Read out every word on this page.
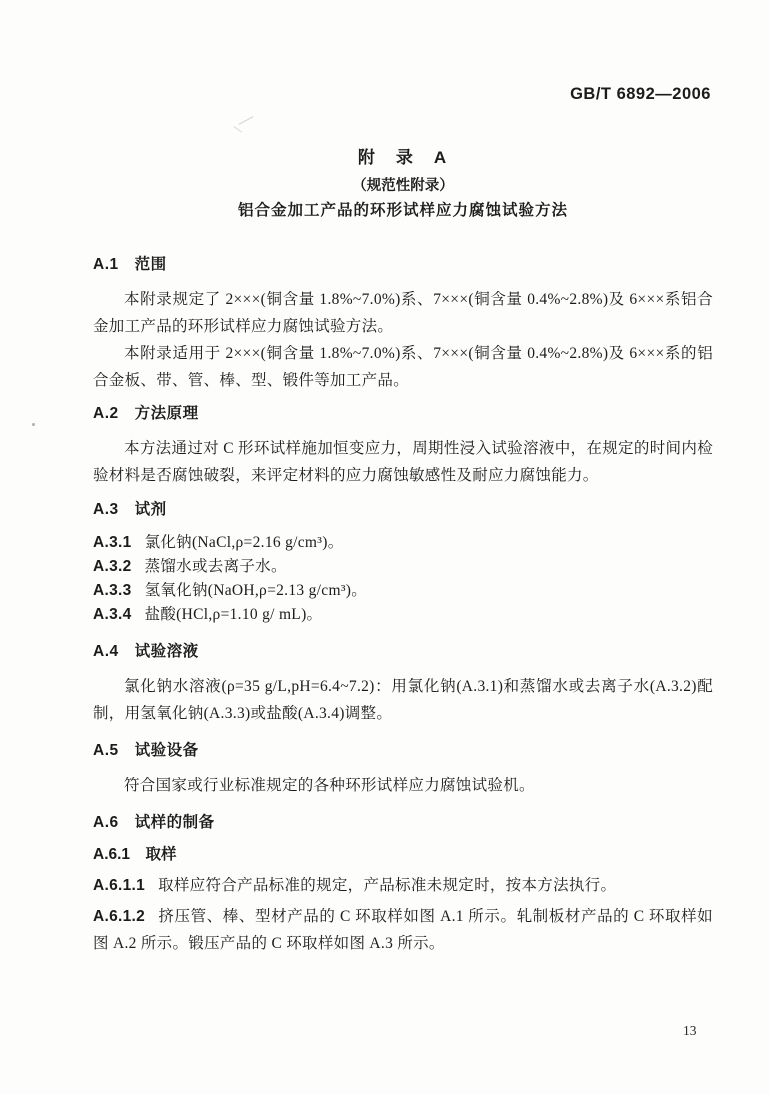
GB/T 6892—2006
附　录　A
（规范性附录）
铝合金加工产品的环形试样应力腐蚀试验方法
A.1　范围

本附录规定了 2×××(铜含量 1.8%~7.0%)系、7×××(铜含量 0.4%~2.8%)及 6×××系铝合金加工产品的环形试样应力腐蚀试验方法。

本附录适用于 2×××(铜含量 1.8%~7.0%)系、7×××(铜含量 0.4%~2.8%)及 6×××系的铝合金板、带、管、棒、型、锻件等加工产品。

A.2　方法原理

本方法通过对 C 形环试样施加恒变应力，周期性浸入试验溶液中，在规定的时间内检验材料是否腐蚀破裂，来评定材料的应力腐蚀敏感性及耐应力腐蚀能力。

A.3　试剂

A.3.1 氯化钠(NaCl,ρ=2.16 g/cm³)。

A.3.2 蒸馏水或去离子水。

A.3.3 氢氧化钠(NaOH,ρ=2.13 g/cm³)。

A.3.4 盐酸(HCl,ρ=1.10 g/ mL)。

A.4　试验溶液

氯化钠水溶液(ρ=35 g/L,pH=6.4~7.2)：用氯化钠(A.3.1)和蒸馏水或去离子水(A.3.2)配制，用氢氧化钠(A.3.3)或盐酸(A.3.4)调整。

A.5　试验设备

符合国家或行业标准规定的各种环形试样应力腐蚀试验机。

A.6　试样的制备
A.6.1　取样

A.6.1.1 取样应符合产品标准的规定，产品标准未规定时，按本方法执行。

A.6.1.2 挤压管、棒、型材产品的 C 环取样如图 A.1 所示。轧制板材产品的 C 环取样如图 A.2 所示。锻压产品的 C 环取样如图 A.3 所示。

13
